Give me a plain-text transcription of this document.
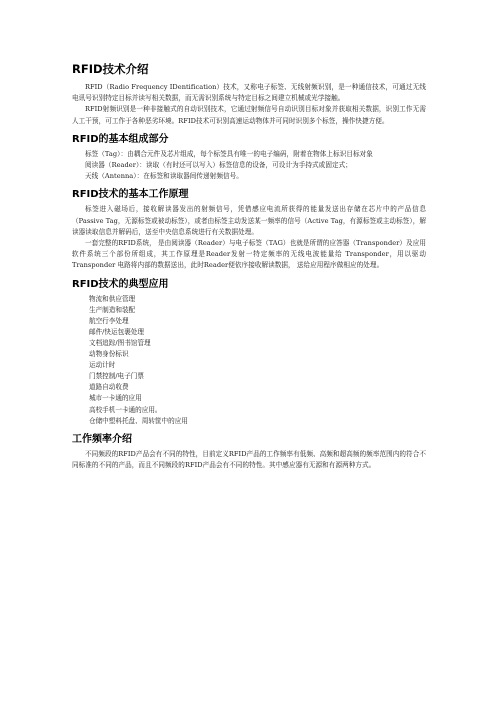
RFID技术介绍

RFID（Radio Frequency IDentification）技术，又称电子标签、无线射频识别，是一种通信技术，可通过无线电讯号识别特定目标并读写相关数据，而无需识别系统与特定目标之间建立机械或光学接触。

RFID射频识别是一种非接触式的自动识别技术，它通过射频信号自动识别目标对象并获取相关数据，识别工作无需人工干预，可工作于各种恶劣环境。RFID技术可识别高速运动物体并可同时识别多个标签，操作快捷方便。

RFID的基本组成部分

标签（Tag）：由耦合元件及芯片组成，每个标签具有唯一的电子编码，附着在物体上标识目标对象

阅读器（Reader）：读取（有时还可以写入）标签信息的设备，可设计为手持式或固定式；

天线（Antenna）：在标签和读取器间传递射频信号。

RFID技术的基本工作原理

标签进入磁场后，接收解读器发出的射频信号，凭借感应电流所获得的能量发送出存储在芯片中的产品信息（Passive Tag，无源标签或被动标签），或者由标签主动发送某一频率的信号（Active Tag，有源标签或主动标签），解读器读取信息并解码后，送至中央信息系统进行有关数据处理。

一套完整的RFID系统， 是由阅读器（Reader）与电子标签（TAG）也就是所谓的应答器（Transponder）及应用软件系统三个部份所组成，其工作原理是Reader发射一特定频率的无线电波能量给 Transponder，用以驱动 Transponder 电路将内部的数据送出，此时Reader便依序接收解读数据， 送给应用程序做相应的处理。

RFID技术的典型应用
物流和供应管理
生产制造和装配
航空行李处理
邮件/快运包裹处理
文档追踪/图书馆管理
动物身份标识
运动计时
门禁控制/电子门票
道路自动收费
城市一卡通的应用
高校手机一卡通的应用。
仓储中塑料托盘、周转筐中的应用
工作频率介绍

不同频段的RFID产品会有不同的特性，目前定义RFID产品的工作频率有低频、高频和超高频的频率范围内的符合不同标准的不同的产品，而且不同频段的RFID产品会有不同的特性。其中感应器有无源和有源两种方式。
